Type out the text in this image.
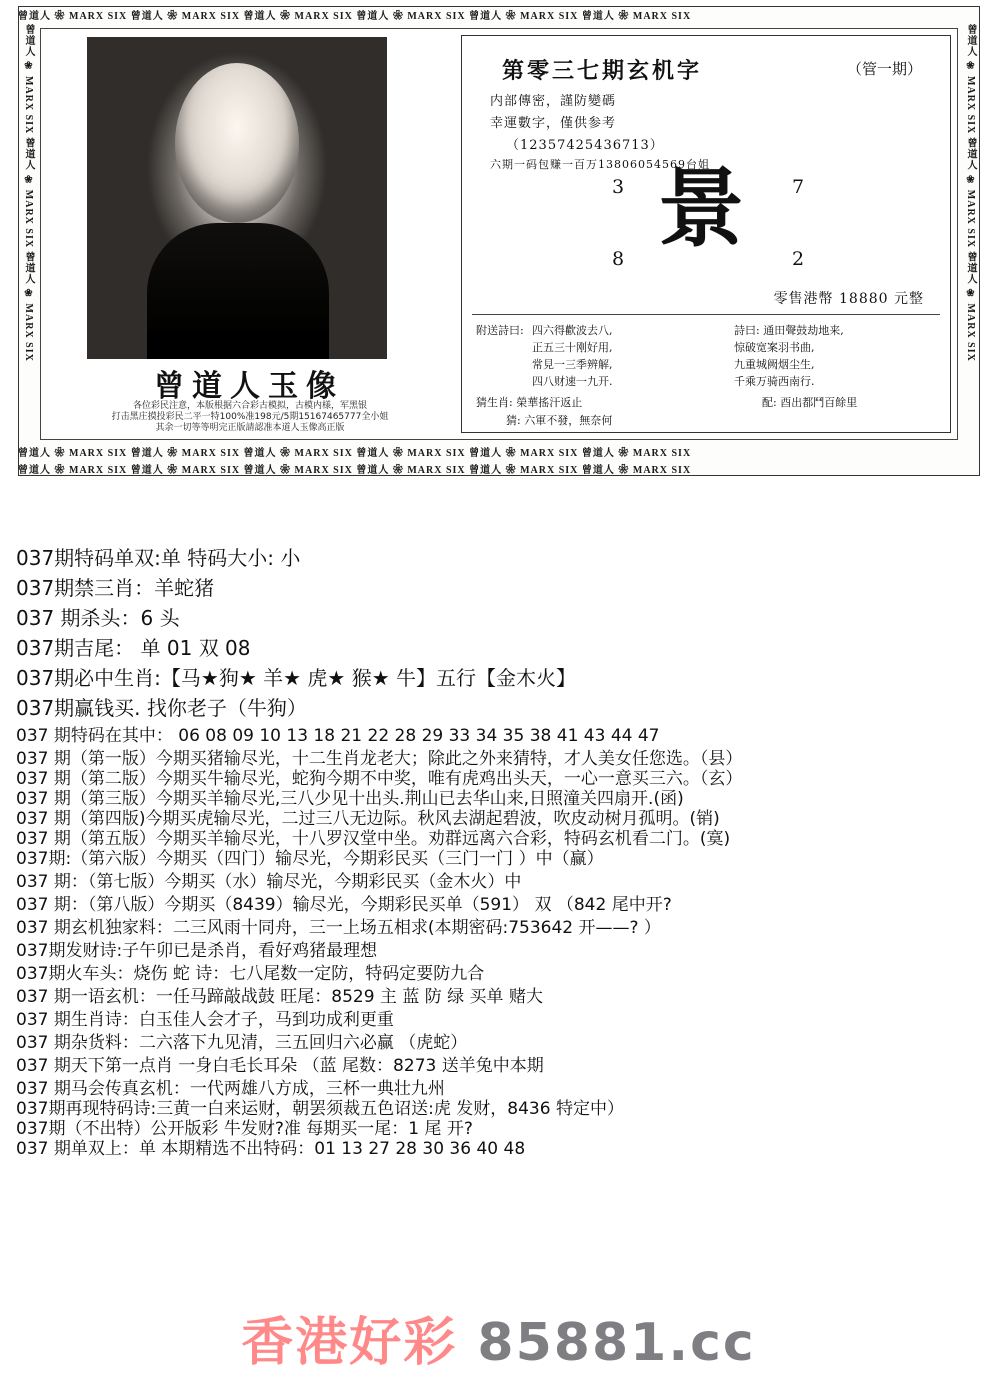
曾道人 ❀ MARX SIX 曾道人 ❀ MARX SIX 曾道人 ❀ MARX SIX 曾道人 ❀ MARX SIX 曾道人 ❀ MARX SIX 曾道人 ❀ MARX SIX
曾道人 ❀ MARX SIX 曾道人 ❀ MARX SIX 曾道人 ❀ MARX SIX 曾道人 ❀ MARX SIX 曾道人 ❀ MARX SIX 曾道人 ❀ MARX SIX
曾道人 ❀ MARX SIX 曾道人 ❀ MARX SIX 曾道人 ❀ MARX SIX 曾道人 ❀ MARX SIX 曾道人 ❀ MARX SIX 曾道人 ❀ MARX SIX
曾道人 ❀ MARX SIX 曾道人 ❀ MARX SIX 曾道人 ❀ MARX SIX	曾道人 ❀ MARX SIX 曾道人 ❀ MARX SIX 曾道人 ❀ MARX SIX
曾道人玉像
各位彩民注意，本版根据六合彩古模拟，古模内様，军黑银
打击黑庄摸投彩民二平一特100%准198元/5期15167465777全小姐
其余一切等等明完正版請認准本道人玉像高正版
第零三七期玄机字	（管一期）
内部傳密，謹防變碼
幸運數字，僅供参考
（12357425436713）
六期一码包赚一百万13806054569台姐
3	7
景
8	2
零售港幣 18880 元整
附送詩曰: 四六得歡波去八,
正五三十刚好用,
常見一三季辨解,
四八财速一九开.
詩曰: 通田聲鼓劫地来,
惊破宽案羽书曲,
九重城阙烟尘生,
千乘万骑西南行.
猜生肖: 榮華搖汗返止
猜: 六軍不發，無奈何
配: 酉出都鬥百餘里
037期特码单双:单 特码大小: 小
037期禁三肖：羊蛇猪
037 期杀头：6 头
037期吉尾： 单 01 双 08
037期必中生肖:【马★狗★ 羊★ 虎★ 猴★ 牛】五行【金木火】
037期赢钱买. 找你老子（牛狗）
037 期特码在其中： 06 08 09 10 13 18 21 22 28 29 33 34 35 38 41 43 44 47
037 期（第一版）今期买猪输尽光，十二生肖龙老大；除此之外来猜特，才人美女任您选。（县）
037 期（第二版）今期买牛输尽光，蛇狗今期不中奖，唯有虎鸡出头天，一心一意买三六。（玄）
037 期（第三版）今期买羊输尽光,三八少见十出头.荆山已去华山来,日照潼关四扇开.(函)
037 期（第四版)今期买虎输尽光，二过三八无边际。秋风去湖起碧波，吹皮动树月孤明。(销)
037 期（第五版）今期买羊输尽光，十八罗汉堂中坐。劝群远离六合彩，特码玄机看二门。(寞)
037期:（第六版）今期买（四门）输尽光，今期彩民买（三门一门 ）中（赢）
037 期：（第七版）今期买（水）输尽光，今期彩民买（金木火）中
037 期：（第八版）今期买（8439）输尽光，今期彩民买单（591） 双 （842 尾中开?
037 期玄机独家料：二三风雨十同舟，三一上场五相求(本期密码:753642 开——? ）
037期发财诗:子午卯已是杀肖，看好鸡猪最理想
037期火车头：烧伤 蛇 诗：七八尾数一定防，特码定要防九合
037 期一语玄机：一任马蹄敲战鼓 旺尾：8529 主 蓝 防 绿 买单 赌大
037 期生肖诗：白玉佳人会才子，马到功成利更重
037 期杂货料：二六落下九见清，三五回归六必赢 （虎蛇）
037 期天下第一点肖 一身白毛长耳朵 （蓝 尾数：8273 送羊兔中本期
037 期马会传真玄机：一代两雄八方成，三杯一典壮九州
037期再现特码诗:三黄一白来运财，朝罢须裁五色诏送:虎 发财，8436 特定中）
037期（不出特）公开版彩 牛发财?准 每期买一尾：1 尾 开?
037 期单双上：单 本期精选不出特码：01 13 27 28 30 36 40 48
香港好彩 85881.cc
